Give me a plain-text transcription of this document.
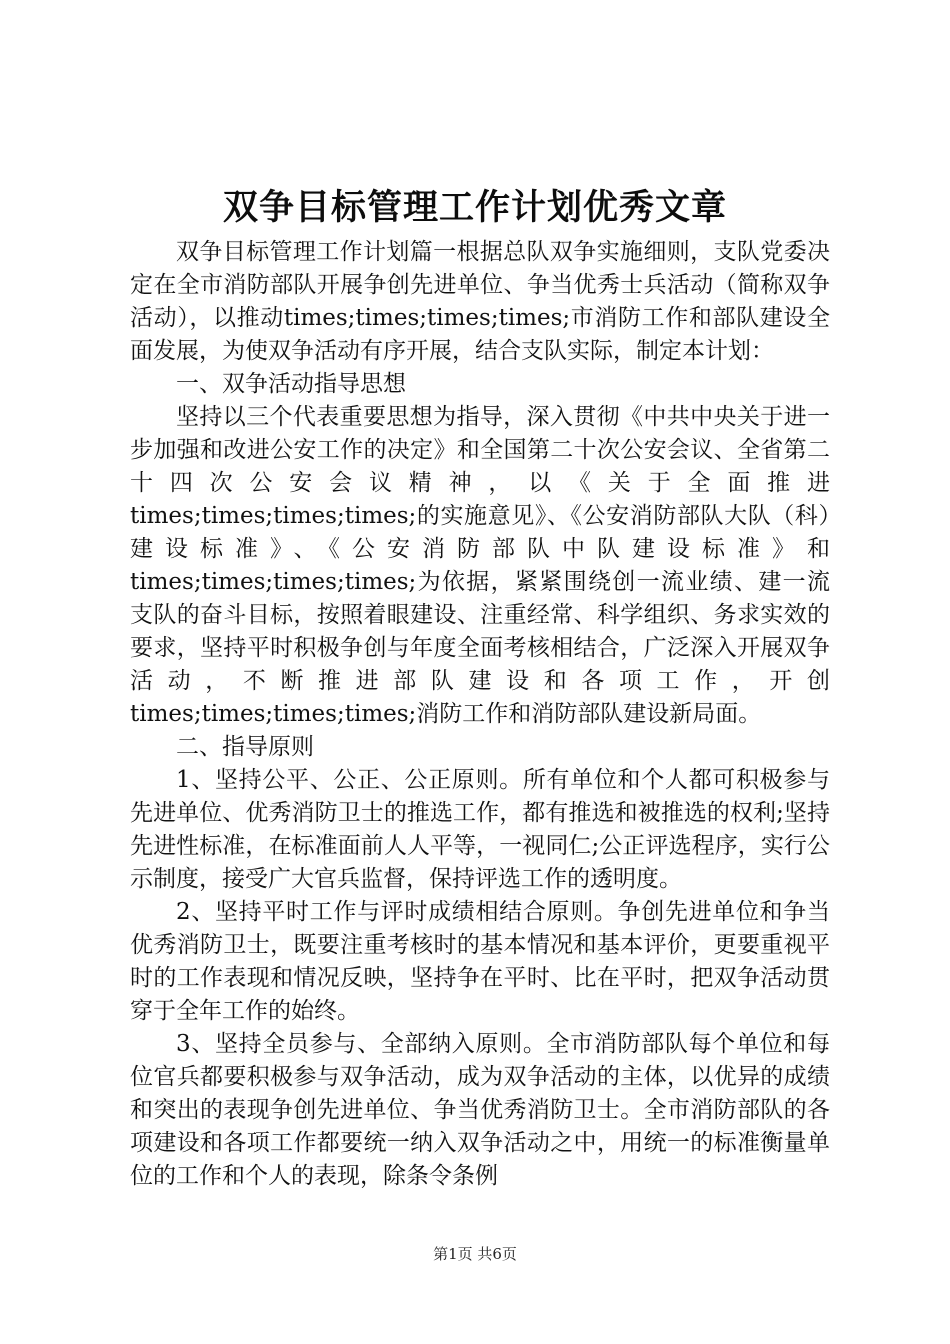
双争目标管理工作计划优秀文章

双争目标管理工作计划篇一根据总队双争实施细则，支队党委决定在全市消防部队开展争创先进单位、争当优秀士兵活动（简称双争活动），以推动times;times;times;times;市消防工作和部队建设全面发展，为使双争活动有序开展，结合支队实际，制定本计划：

一、双争活动指导思想

坚持以三个代表重要思想为指导，深入贯彻《中共中央关于进一步加强和改进公安工作的决定》和全国第二十次公安会议、全省第二十四次公安会议精神，以《关于全面推进times;times;times;times;的实施意见》、《公安消防部队大队（科）建设标准》、《公安消防部队中队建设标准》和times;times;times;times;为依据，紧紧围绕创一流业绩、建一流支队的奋斗目标，按照着眼建设、注重经常、科学组织、务求实效的要求，坚持平时积极争创与年度全面考核相结合，广泛深入开展双争活动，不断推进部队建设和各项工作，开创times;times;times;times;消防工作和消防部队建设新局面。

二、指导原则

1、坚持公平、公正、公正原则。所有单位和个人都可积极参与先进单位、优秀消防卫士的推选工作，都有推选和被推选的权利;坚持先进性标准，在标准面前人人平等，一视同仁;公正评选程序，实行公示制度，接受广大官兵监督，保持评选工作的透明度。

2、坚持平时工作与评时成绩相结合原则。争创先进单位和争当优秀消防卫士，既要注重考核时的基本情况和基本评价，更要重视平时的工作表现和情况反映，坚持争在平时、比在平时，把双争活动贯穿于全年工作的始终。

3、坚持全员参与、全部纳入原则。全市消防部队每个单位和每位官兵都要积极参与双争活动，成为双争活动的主体，以优异的成绩和突出的表现争创先进单位、争当优秀消防卫士。全市消防部队的各项建设和各项工作都要统一纳入双争活动之中，用统一的标准衡量单位的工作和个人的表现，除条令条例

第1页 共6页
